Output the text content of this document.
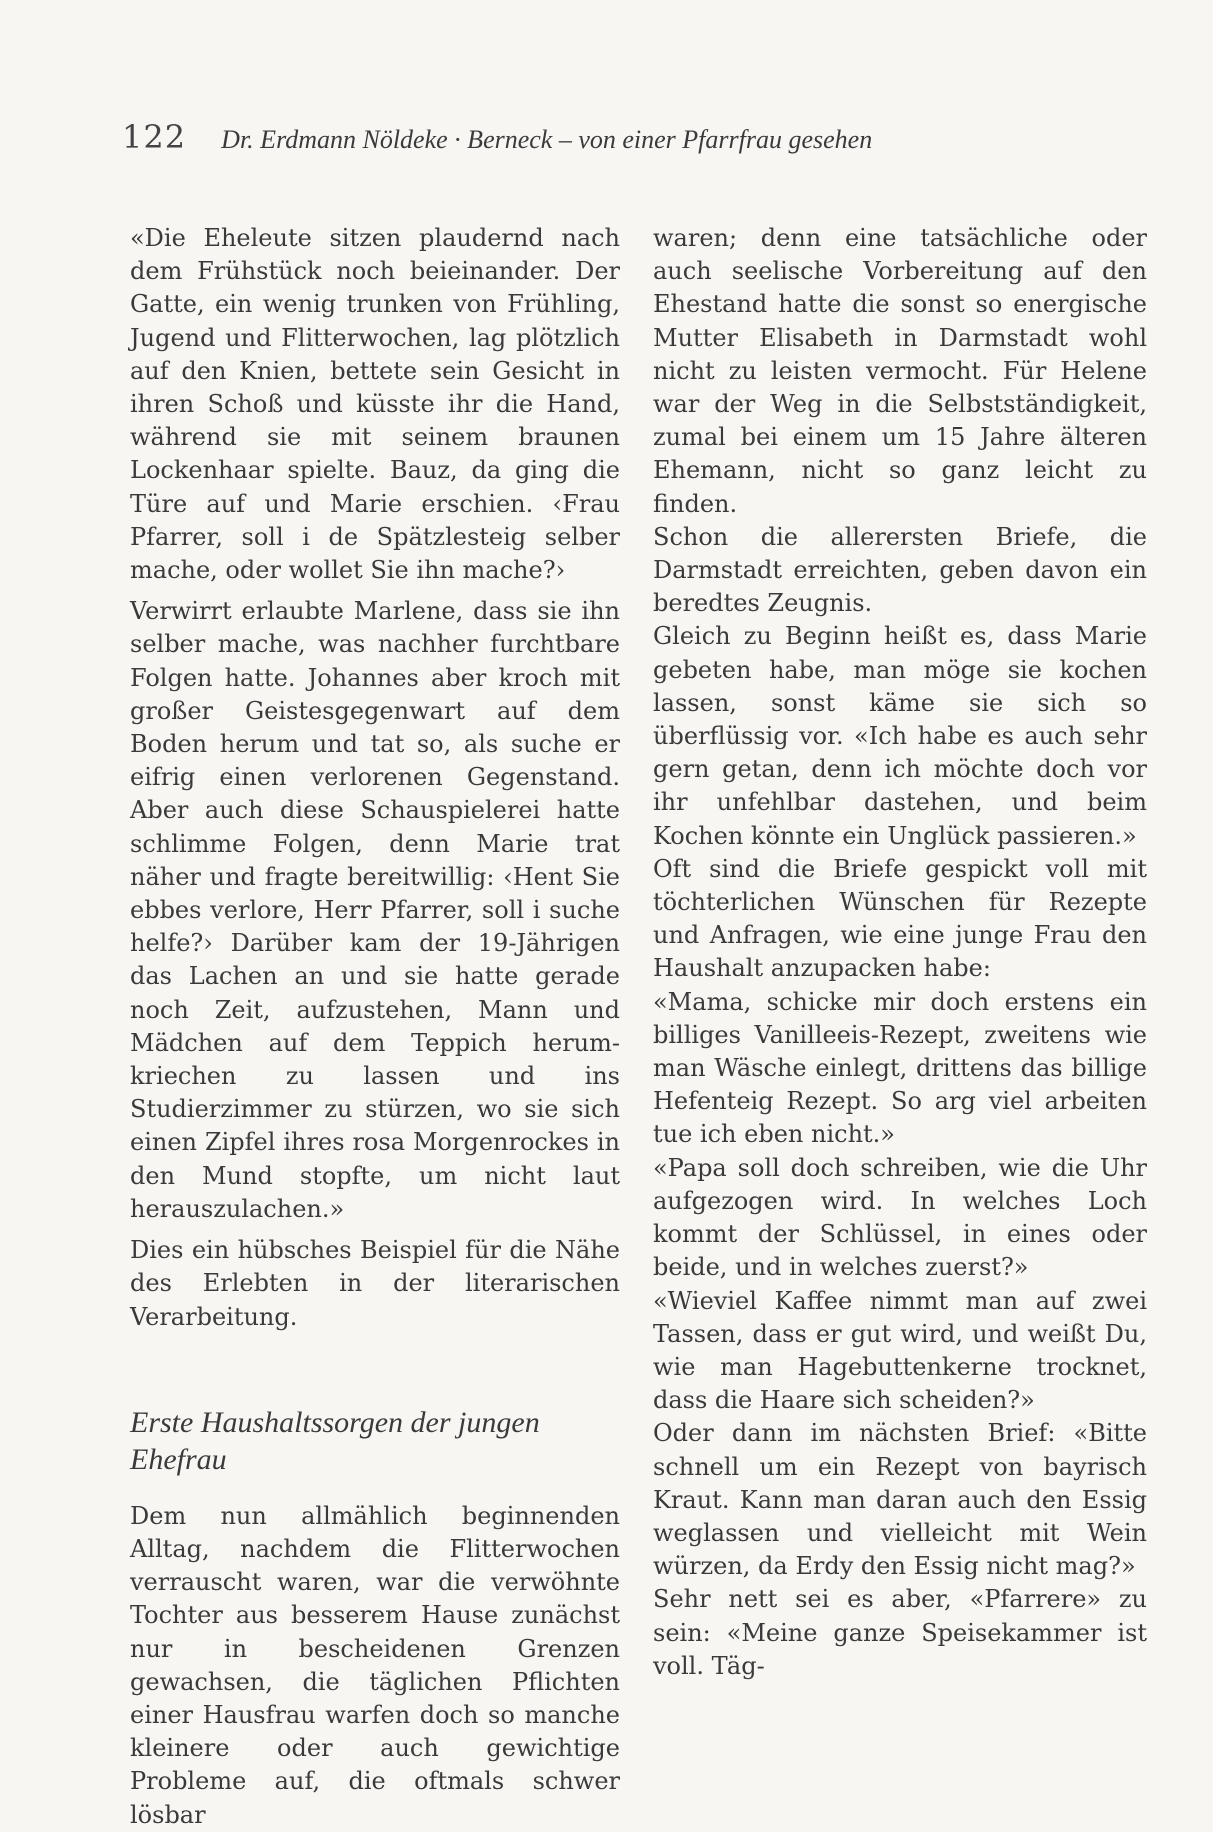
122 Dr. Erdmann Nöldeke · Berneck – von einer Pfarrfrau gesehen

«Die Eheleute sitzen plaudernd nach dem Frühstück noch beieinander. Der Gatte, ein wenig trunken von Frühling, Jugend und Flitterwochen, lag plötzlich auf den Knien, bettete sein Gesicht in ihren Schoß und küsste ihr die Hand, während sie mit seinem braunen Lockenhaar spielte. Bauz, da ging die Türe auf und Marie erschien. ‹Frau Pfarrer, soll i de Spätzlesteig selber mache, oder wollet Sie ihn mache?›

Verwirrt erlaubte Marlene, dass sie ihn selber mache, was nachher furchtbare Folgen hatte. Johannes aber kroch mit großer Geistesgegenwart auf dem Boden herum und tat so, als suche er eifrig einen verlorenen Gegenstand. Aber auch diese Schauspielerei hatte schlimme Folgen, denn Marie trat näher und fragte bereitwillig: ‹Hent Sie ebbes verlore, Herr Pfarrer, soll i suche helfe?› Darüber kam der 19-Jährigen das Lachen an und sie hatte gerade noch Zeit, aufzustehen, Mann und Mädchen auf dem Teppich herumkriechen zu lassen und ins Studierzimmer zu stürzen, wo sie sich einen Zipfel ihres rosa Morgenrockes in den Mund stopfte, um nicht laut herauszulachen.»

Dies ein hübsches Beispiel für die Nähe des Erlebten in der literarischen Verarbeitung.

Erste Haushaltssorgen der jungen Ehefrau

Dem nun allmählich beginnenden Alltag, nachdem die Flitterwochen verrauscht waren, war die verwöhnte Tochter aus besserem Hause zunächst nur in bescheidenen Grenzen gewachsen, die täglichen Pflichten einer Hausfrau warfen doch so manche kleinere oder auch gewichtige Probleme auf, die oftmals schwer lösbar

waren; denn eine tatsächliche oder auch seelische Vorbereitung auf den Ehestand hatte die sonst so energische Mutter Elisabeth in Darmstadt wohl nicht zu leisten vermocht. Für Helene war der Weg in die Selbstständigkeit, zumal bei einem um 15 Jahre älteren Ehemann, nicht so ganz leicht zu finden.

Schon die allerersten Briefe, die Darmstadt erreichten, geben davon ein beredtes Zeugnis.

Gleich zu Beginn heißt es, dass Marie gebeten habe, man möge sie kochen lassen, sonst käme sie sich so überflüssig vor. «Ich habe es auch sehr gern getan, denn ich möchte doch vor ihr unfehlbar dastehen, und beim Kochen könnte ein Unglück passieren.»

Oft sind die Briefe gespickt voll mit töchterlichen Wünschen für Rezepte und Anfragen, wie eine junge Frau den Haushalt anzupacken habe:

«Mama, schicke mir doch erstens ein billiges Vanilleeis-Rezept, zweitens wie man Wäsche einlegt, drittens das billige Hefenteig Rezept. So arg viel arbeiten tue ich eben nicht.»

«Papa soll doch schreiben, wie die Uhr aufgezogen wird. In welches Loch kommt der Schlüssel, in eines oder beide, und in welches zuerst?»

«Wieviel Kaffee nimmt man auf zwei Tassen, dass er gut wird, und weißt Du, wie man Hagebuttenkerne trocknet, dass die Haare sich scheiden?»

Oder dann im nächsten Brief: «Bitte schnell um ein Rezept von bayrisch Kraut. Kann man daran auch den Essig weglassen und vielleicht mit Wein würzen, da Erdy den Essig nicht mag?»

Sehr nett sei es aber, «Pfarrere» zu sein: «Meine ganze Speisekammer ist voll. Täg-
